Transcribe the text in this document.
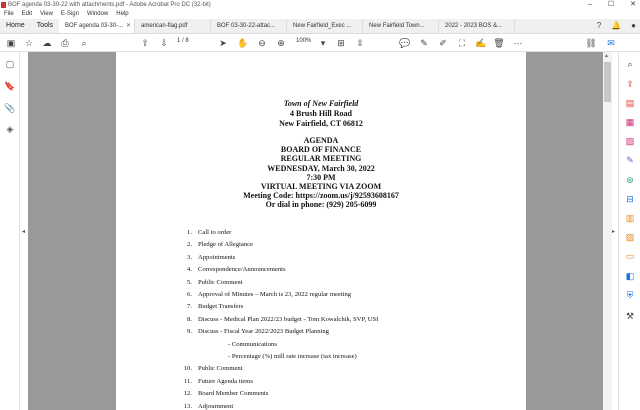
BOF agenda 03-30-22 with attachments.pdf - Adobe Acrobat Pro DC (32-bit)	– ☐ ✕
File Edit View E-Sign Window Help
Home	Tools	BOF agenda 03-30-... ✕	american-flag.pdf	BOF 03-30-22-attac...	New Fairfield_Exec ...	New Fairfield Town...	2022 - 2023 BOS &...	? 🔔 ●
▣	☆	☁	⎙	⌕	⇧	⇩	1 / 8	➤	✋	⊖	⊕	100%	▾	⊞	⇳	💬	✎	✐	⛶	✍ 🗑 ⋯	⛓	✉
▢
🔖
📎
◈
◂
Town of New Fairfield
4 Brush Hill Road
New Fairfield, CT 06812
AGENDA
BOARD OF FINANCE
REGULAR MEETING
WEDNESDAY, March 30, 2022
7:30 PM
VIRTUAL MEETING VIA ZOOM
Meeting Code: https://zoom.us/j/92593608167
Or dial in phone: (929) 205-6099
1. Call to order
2. Pledge of Allegiance
3. Appointments
4. Correspondence/Announcements
5. Public Comment
6. Approval of Minutes – March is 23, 2022 regular meeting
7. Budget Transfers
8. Discuss - Medical Plan 2022/23 budget - Tom Kowalchik, SVP, USI
9. Discuss - Fiscal Year 2022/2023 Budget Planning
- Communications
- Percentage (%) mill rate increase (tax increase)
10. Public Comment
11. Future Agenda items
12. Board Member Comments
13. Adjournment
▲
▸
⌕
⇪
▤
▦
▧
✎
⊛
⊟
▥
▨
▭
◧
⛨
⚒
